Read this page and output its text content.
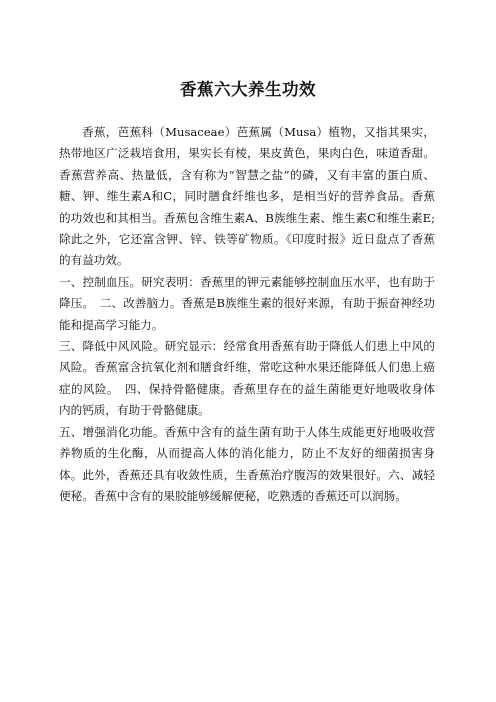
香蕉六大养生功效

香蕉，芭蕉科（Musaceae）芭蕉属（Musa）植物，又指其果实，热带地区广泛栽培食用，果实长有棱，果皮黄色，果肉白色，味道香甜。香蕉营养高、热量低，含有称为“智慧之盐”的磷，又有丰富的蛋白质、糖、钾、维生素A和C，同时膳食纤维也多，是相当好的营养食品。香蕉的功效也和其相当。香蕉包含维生素A、B族维生素、维生素C和维生素E;除此之外，它还富含钾、锌、铁等矿物质。《印度时报》近日盘点了香蕉的有益功效。

一、控制血压。研究表明：香蕉里的钾元素能够控制血压水平，也有助于降压。　二、改善脑力。香蕉是B族维生素的很好来源，有助于振奋神经功能和提高学习能力。

三、降低中风风险。研究显示：经常食用香蕉有助于降低人们患上中风的风险。香蕉富含抗氧化剂和膳食纤维，常吃这种水果还能降低人们患上癌症的风险。　四、保持骨骼健康。香蕉里存在的益生菌能更好地吸收身体内的钙质，有助于骨骼健康。

五、增强消化功能。香蕉中含有的益生菌有助于人体生成能更好地吸收营养物质的生化酶，从而提高人体的消化能力，防止不友好的细菌损害身体。此外，香蕉还具有收敛性质，生香蕉治疗腹泻的效果很好。六、减轻便秘。香蕉中含有的果胶能够缓解便秘，吃熟透的香蕉还可以润肠。
